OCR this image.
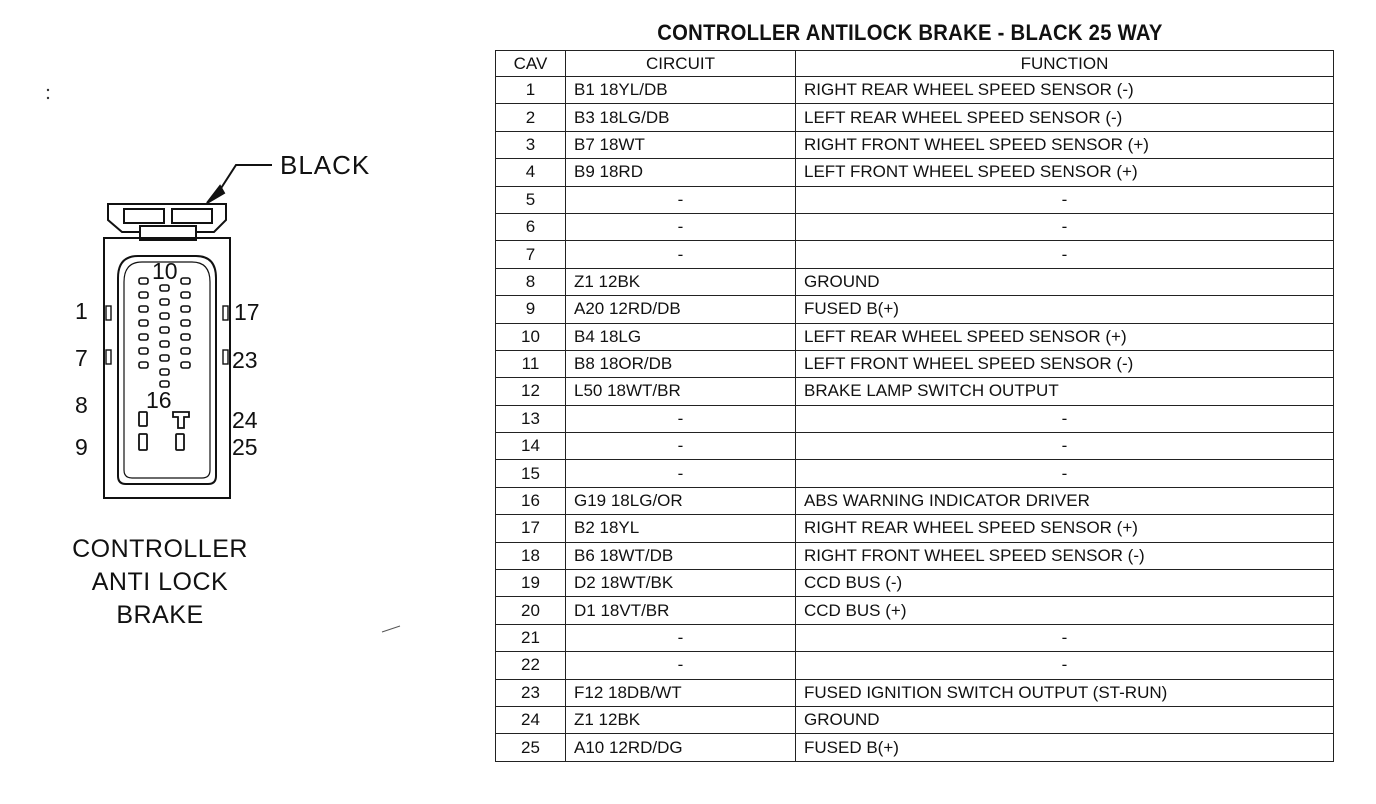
BLACK
1
7
8
9
10
16
17
23
24
25
CONTROLLER
ANTI LOCK
BRAKE
CONTROLLER ANTILOCK BRAKE - BLACK 25 WAY
CAV	CIRCUIT	FUNCTION
1	B1 18YL/DB	RIGHT REAR WHEEL SPEED SENSOR (-)
2	B3 18LG/DB	LEFT REAR WHEEL SPEED SENSOR (-)
3	B7 18WT	RIGHT FRONT WHEEL SPEED SENSOR (+)
4	B9 18RD	LEFT FRONT WHEEL SPEED SENSOR (+)
5	-	-
6	-	-
7	-	-
8	Z1 12BK	GROUND
9	A20 12RD/DB	FUSED B(+)
10	B4 18LG	LEFT REAR WHEEL SPEED SENSOR (+)
11	B8 18OR/DB	LEFT FRONT WHEEL SPEED SENSOR (-)
12	L50 18WT/BR	BRAKE LAMP SWITCH OUTPUT
13	-	-
14	-	-
15	-	-
16	G19 18LG/OR	ABS WARNING INDICATOR DRIVER
17	B2 18YL	RIGHT REAR WHEEL SPEED SENSOR (+)
18	B6 18WT/DB	RIGHT FRONT WHEEL SPEED SENSOR (-)
19	D2 18WT/BK	CCD BUS (-)
20	D1 18VT/BR	CCD BUS (+)
21	-	-
22	-	-
23	F12 18DB/WT	FUSED IGNITION SWITCH OUTPUT (ST-RUN)
24	Z1 12BK	GROUND
25	A10 12RD/DG	FUSED B(+)
